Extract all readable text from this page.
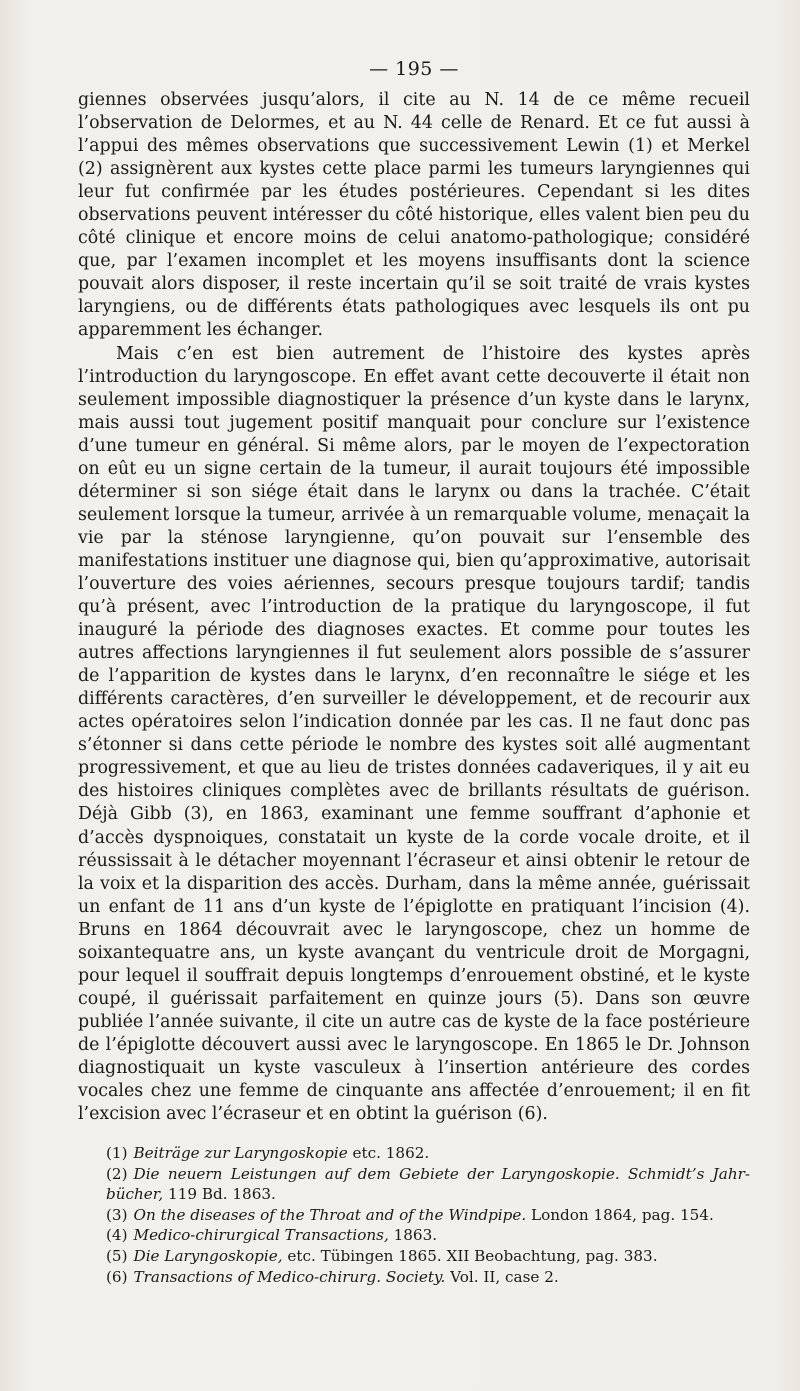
— 195 —

giennes observées jusqu’alors, il cite au N. 14 de ce même recueil l’observation de Delormes, et au N. 44 celle de Renard. Et ce fut aussi à l’appui des mêmes observations que successivement Lewin (1) et Merkel (2) assignèrent aux kystes cette place parmi les tumeurs laryngiennes qui leur fut confirmée par les études postérieures. Cependant si les dites observations peuvent intéresser du côté historique, elles valent bien peu du côté clinique et encore moins de celui anatomo-pathologique; considéré que, par l’examen incomplet et les moyens insuffisants dont la science pouvait alors disposer, il reste incertain qu’il se soit traité de vrais kystes laryngiens, ou de différents états pathologiques avec lesquels ils ont pu apparemment les échanger.

Mais c’en est bien autrement de l’histoire des kystes après l’introduction du laryngoscope. En effet avant cette decouverte il était non seulement impossible diagnostiquer la présence d’un kyste dans le larynx, mais aussi tout jugement positif manquait pour conclure sur l’existence d’une tumeur en général. Si même alors, par le moyen de l’expectoration on eût eu un signe certain de la tumeur, il aurait toujours été impossible déterminer si son siége était dans le larynx ou dans la trachée. C’était seulement lorsque la tumeur, arrivée à un remarquable volume, menaçait la vie par la sténose laryngienne, qu’on pouvait sur l’ensemble des manifestations instituer une diagnose qui, bien qu’approximative, autorisait l’ouverture des voies aériennes, secours presque toujours tardif; tandis qu’à présent, avec l’introduction de la pratique du laryngoscope, il fut inauguré la période des diagnoses exactes. Et comme pour toutes les autres affections laryngiennes il fut seulement alors possible de s’assurer de l’apparition de kystes dans le larynx, d’en reconnaître le siége et les différents caractères, d’en surveiller le développement, et de recourir aux actes opératoires selon l’indication donnée par les cas. Il ne faut donc pas s’étonner si dans cette période le nombre des kystes soit allé augmentant progressivement, et que au lieu de tristes données cadaveriques, il y ait eu des histoires cliniques complètes avec de brillants résultats de guérison. Déjà Gibb (3), en 1863, examinant une femme souffrant d’aphonie et d’accès dyspnoiques, constatait un kyste de la corde vocale droite, et il réussissait à le détacher moyennant l’écraseur et ainsi obtenir le retour de la voix et la disparition des accès. Durham, dans la même année, guérissait un enfant de 11 ans d’un kyste de l’épiglotte en pratiquant l’incision (4). Bruns en 1864 découvrait avec le laryngoscope, chez un homme de soixantequatre ans, un kyste avançant du ventricule droit de Morgagni, pour lequel il souffrait depuis longtemps d’enrouement obstiné, et le kyste coupé, il guérissait parfaitement en quinze jours (5). Dans son œuvre publiée l’année suivante, il cite un autre cas de kyste de la face postérieure de l’épiglotte découvert aussi avec le laryngoscope. En 1865 le Dr. Johnson diagnostiquait un kyste vasculeux à l’insertion antérieure des cordes vocales chez une femme de cinquante ans affectée d’enrouement; il en fit l’excision avec l’écraseur et en obtint la guérison (6).

(1) Beiträge zur Laryngoskopie etc. 1862.

(2) Die neuern Leistungen auf dem Gebiete der Laryngoskopie. Schmidt’s Jahrbücher, 119 Bd. 1863.

(3) On the diseases of the Throat and of the Windpipe. London 1864, pag. 154.

(4) Medico-chirurgical Transactions, 1863.

(5) Die Laryngoskopie, etc. Tübingen 1865. XII Beobachtung, pag. 383.

(6) Transactions of Medico-chirurg. Society. Vol. II, case 2.
